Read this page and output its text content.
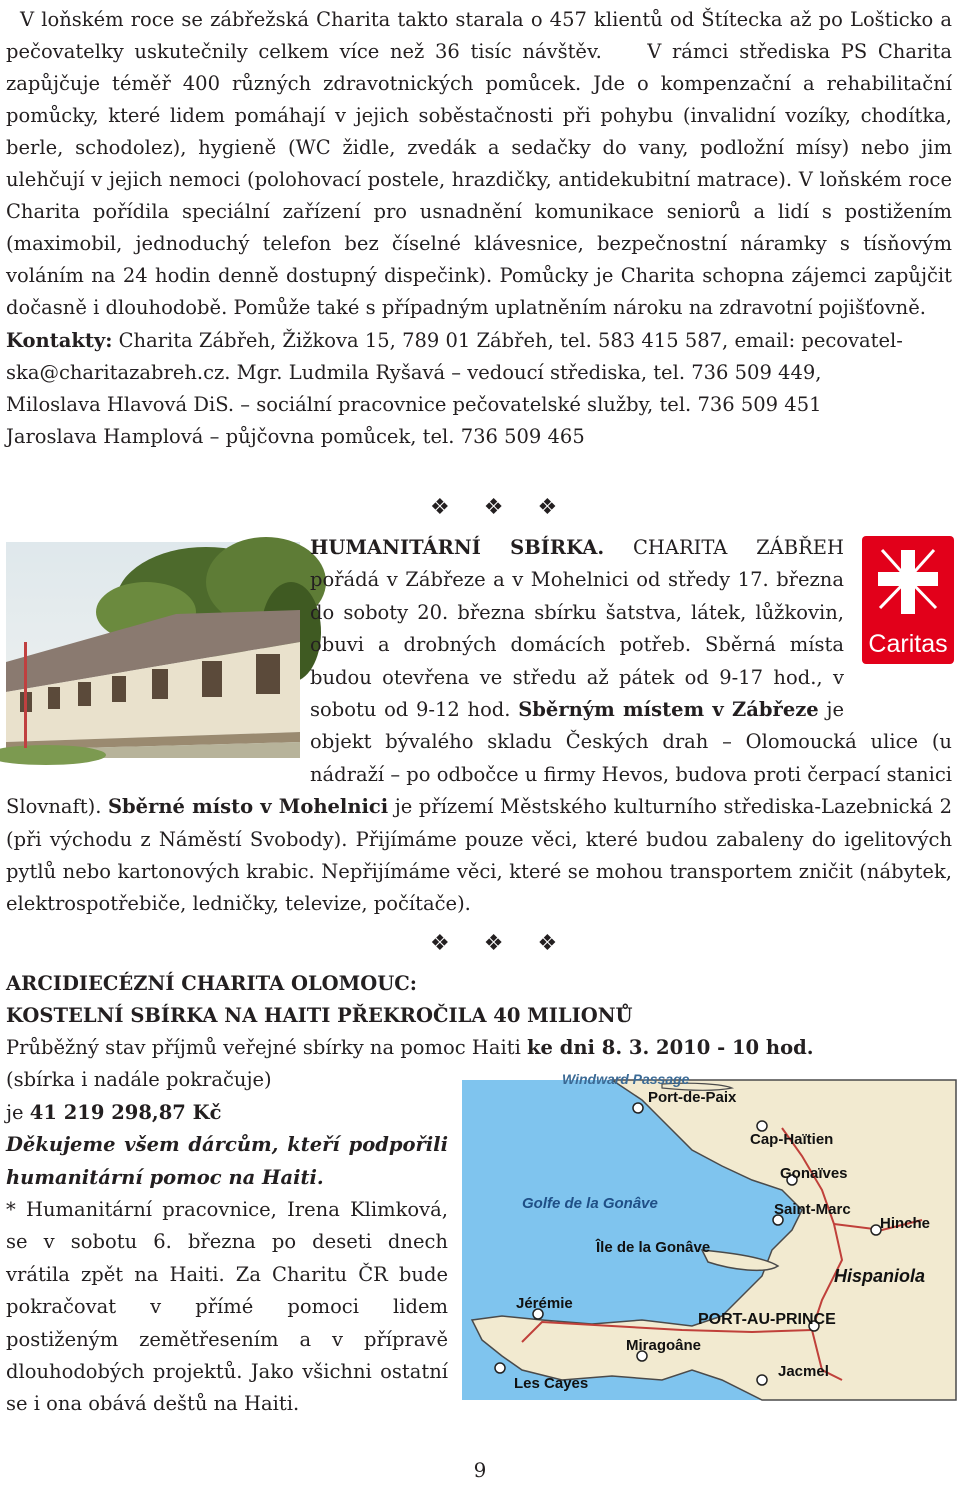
V loňském roce se zábřežská Charita takto starala o 457 klientů od Štítecka až po Lošticko a pečovatelky uskutečnily celkem více než 36 tisíc návštěv. V rámci střediska PS Charita zapůjčuje téměř 400 různých zdravotnických pomůcek. Jde o kompenzační a rehabilitační pomůcky, které lidem pomáhají v jejich soběstačnosti při pohybu (invalidní vozíky, chodítka, berle, schodolez), hygieně (WC židle, zvedák a sedačky do vany, podložní mísy) nebo jim ulehčují v jejich nemoci (polohovací postele, hrazdičky, antidekubitní matrace). V loňském roce Charita pořídila speciální zařízení pro usnadnění komunikace seniorů a lidí s postižením (maximobil, jednoduchý telefon bez číselné klávesnice, bezpečnostní náramky s tísňovým voláním na 24 hodin denně dostupný dispečink). Pomůcky je Charita schopna zájemci zapůjčit dočasně i dlouhodobě. Pomůže také s případným uplatněním nároku na zdravotní pojišťovně.

Kontakty: Charita Zábřeh, Žižkova 15, 789 01 Zábřeh, tel. 583 415 587, email: pecovatel-
ska@charitazabreh.cz. Mgr. Ludmila Ryšavá – vedoucí střediska, tel. 736 509 449,
Miloslava Hlavová DiS. – sociální pracovnice pečovatelské služby, tel. 736 509 451
Jaroslava Hamplová – půjčovna pomůcek, tel. 736 509 465
❖ ❖ ❖
Caritas

HUMANITÁRNÍ SBÍRKA. CHARITA ZÁBŘEH pořádá v Zábřeze a v Mohelnici od středy 17. března do soboty 20. března sbírku šatstva, látek, lůžkovin, obuvi a drobných domácích potřeb. Sběrná místa budou otevřena ve středu až pátek od 9-17 hod., v sobotu od 9-12 hod. Sběrným místem v Zábřeze je objekt bývalého skladu Českých drah – Olomoucká ulice (u nádraží – po odbočce u firmy Hevos, budova proti čerpací stanici Slovnaft). Sběrné místo v Mohelnici je přízemí Městského kulturního střediska-Lazebnická 2 (při východu z Náměstí Svobody). Přijímáme pouze věci, které budou zabaleny do igelitových pytlů nebo kartonových krabic. Nepřijímáme věci, které se mohou transportem zničit (nábytek, elektrospotřebiče, ledničky, televize, počítače).

❖ ❖ ❖
ARCIDIECÉZNÍ CHARITA OLOMOUC:
KOSTELNÍ SBÍRKA NA HAITI PŘEKROČILA 40 MILIONŮ
Průběžný stav příjmů veřejné sbírky na pomoc Haiti ke dni 8. 3. 2010 - 10 hod.
(sbírka i nadále pokračuje)
je 41 219 298,87 Kč
Děkujeme všem dárcům, kteří podpořili humanitární pomoc na Haiti.
* Humanitární pracovnice, Irena Klimková, se v sobotu 6. března po deseti dnech vrátila zpět na Haiti. Za Charitu ČR bude pokračovat v přímé pomoci lidem postiženým zemětřesením a v přípravě dlouhodobých projektů. Jako všichni ostatní se i ona obává deštů na Haiti.
Windward Passage
Port-de-Paix
Cap-Haïtien
Gonaïves
Golfe de la Gonâve	Saint-Marc
Hinche
Île de la Gonâve
Hispaniola
Jérémie
PORT-AU-PRINCE
Miragoâne
Jacmel
Les Cayes
9
